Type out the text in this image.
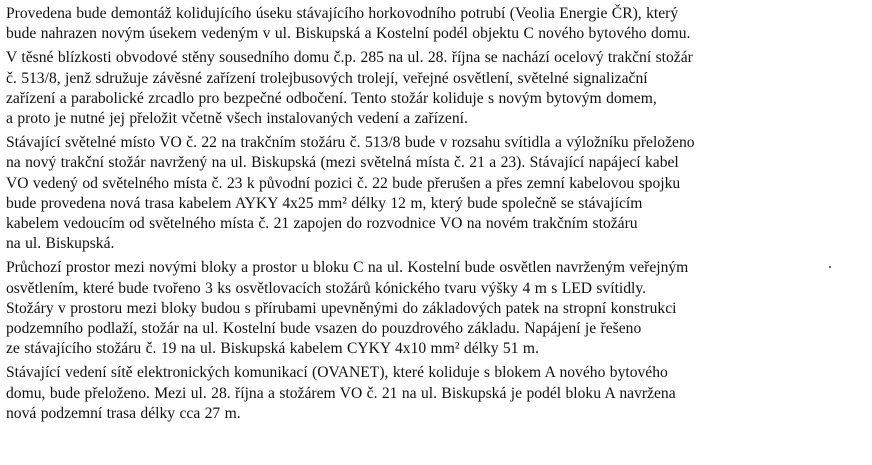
Provedena bude demontáž kolidujícího úseku stávajícího horkovodního potrubí (Veolia Energie ČR), který
bude nahrazen novým úsekem vedeným v ul. Biskupská a Kostelní podél objektu C nového bytového domu.

V těsné blízkosti obvodové stěny sousedního domu č.p. 285 na ul. 28. října se nachází ocelový trakční stožár
č. 513/8, jenž sdružuje závěsné zařízení trolejbusových trolejí, veřejné osvětlení, světelné signalizační
zařízení a parabolické zrcadlo pro bezpečné odbočení. Tento stožár koliduje s novým bytovým domem,
a proto je nutné jej přeložit včetně všech instalovaných vedení a zařízení.

Stávající světelné místo VO č. 22 na trakčním stožáru č. 513/8 bude v rozsahu svítidla a výložníku přeloženo
na nový trakční stožár navržený na ul. Biskupská (mezi světelná místa č. 21 a 23). Stávající napájecí kabel
VO vedený od světelného místa č. 23 k původní pozici č. 22 bude přerušen a přes zemní kabelovou spojku
bude provedena nová trasa kabelem AYKY 4x25 mm² délky 12 m, který bude společně se stávajícím
kabelem vedoucím od světelného místa č. 21 zapojen do rozvodnice VO na novém trakčním stožáru
na ul. Biskupská.

Průchozí prostor mezi novými bloky a prostor u bloku C na ul. Kostelní bude osvětlen navrženým veřejným
osvětlením, které bude tvořeno 3 ks osvětlovacích stožárů kónického tvaru výšky 4 m s LED svítidly.
Stožáry v prostoru mezi bloky budou s přírubami upevněnými do základových patek na stropní konstrukci
podzemního podlaží, stožár na ul. Kostelní bude vsazen do pouzdrového základu. Napájení je řešeno
ze stávajícího stožáru č. 19 na ul. Biskupská kabelem CYKY 4x10 mm² délky 51 m.

Stávající vedení sítě elektronických komunikací (OVANET), které koliduje s blokem A nového bytového
domu, bude přeloženo. Mezi ul. 28. října a stožárem VO č. 21 na ul. Biskupská je podél bloku A navržena
nová podzemní trasa délky cca 27 m.
